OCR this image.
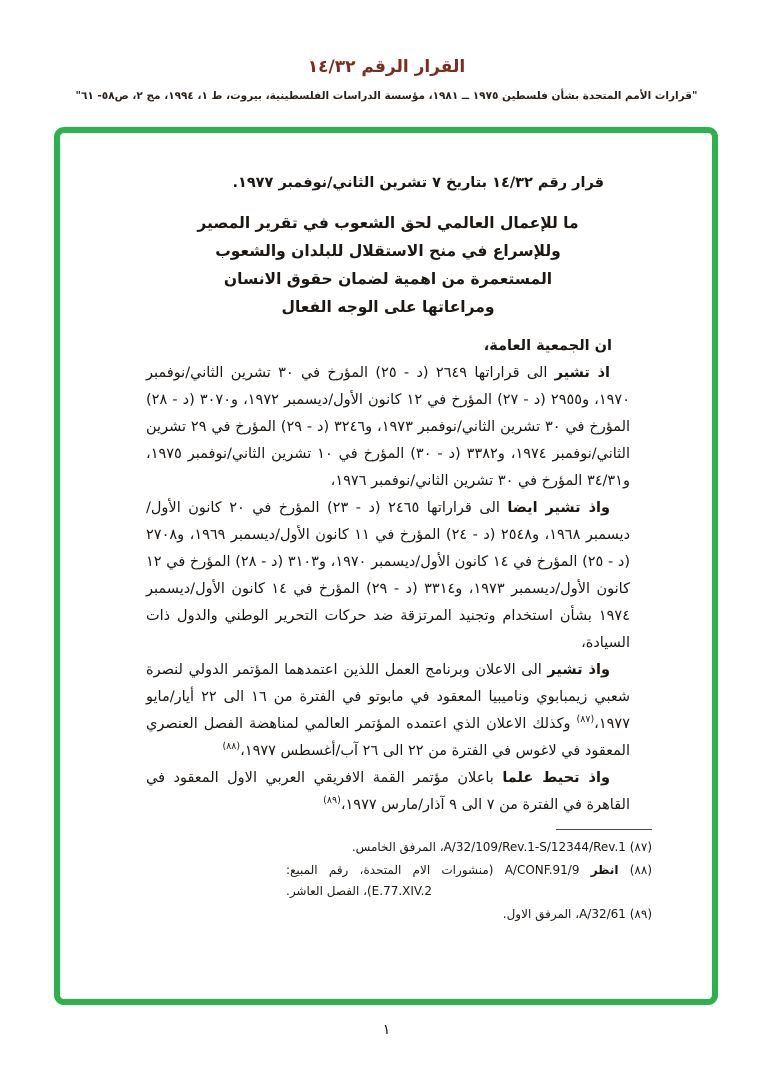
القرار الرقم ١٤/٣٢
"قرارات الأمم المتحدة بشأن فلسطين ١٩٧٥ ــ ١٩٨١، مؤسسة الدراسات الفلسطينية، بيروت، ط ١، ١٩٩٤، مج ٢، ص٥٨- ٦١"

قرار رقم ١٤/٣٢ بتاريخ ٧ تشرين الثاني/نوفمبر ١٩٧٧.

ما للإعمال العالمي لحق الشعوب في تقرير المصير
وللإسراع في منح الاستقلال للبلدان والشعوب
المستعمرة من اهمية لضمان حقوق الانسان
ومراعاتها على الوجه الفعال

ان الجمعية العامة،

اذ تشير الى قراراتها ٢٦٤٩ (د - ٢٥) المؤرخ في ٣٠ تشرين الثاني/نوفمبر ١٩٧٠، و٢٩٥٥ (د - ٢٧) المؤرخ في ١٢ كانون الأول/ديسمبر ١٩٧٢، و٣٠٧٠ (د - ٢٨) المؤرخ في ٣٠ تشرين الثاني/نوفمبر ١٩٧٣، و٣٢٤٦ (د - ٢٩) المؤرخ في ٢٩ تشرين الثاني/نوفمبر ١٩٧٤، و٣٣٨٢ (د - ٣٠) المؤرخ في ١٠ تشرين الثاني/نوفمبر ١٩٧٥، و٣٤/٣١ المؤرخ في ٣٠ تشرين الثاني/نوفمبر ١٩٧٦،

واذ تشير ايضا الى قراراتها ٢٤٦٥ (د - ٢٣) المؤرخ في ٢٠ كانون الأول/ديسمبر ١٩٦٨، و٢٥٤٨ (د - ٢٤) المؤرخ في ١١ كانون الأول/ديسمبر ١٩٦٩، و٢٧٠٨ (د - ٢٥) المؤرخ في ١٤ كانون الأول/ديسمبر ١٩٧٠، و٣١٠٣ (د - ٢٨) المؤرخ في ١٢ كانون الأول/ديسمبر ١٩٧٣، و٣٣١٤ (د - ٢٩) المؤرخ في ١٤ كانون الأول/ديسمبر ١٩٧٤ بشأن استخدام وتجنيد المرتزقة ضد حركات التحرير الوطني والدول ذات السيادة،

واذ تشير الى الاعلان وبرنامج العمل اللذين اعتمدهما المؤتمر الدولي لنصرة شعبي زيمبابوي وناميبيا المعقود في مابوتو في الفترة من ١٦ الى ٢٢ أيار/مايو ١٩٧٧،$^{(٨٧)}$ وكذلك الاعلان الذي اعتمده المؤتمر العالمي لمناهضة الفصل العنصري المعقود في لاغوس في الفترة من ٢٢ الى ٢٦ آب/أغسطس ١٩٧٧،$^{(٨٨)}$

واذ تحيط علما باعلان مؤتمر القمة الافريقي العربي الاول المعقود في القاهرة في الفترة من ٧ الى ٩ آذار/مارس ١٩٧٧،$^{(٨٩)}$

(٨٧) A/32/109/Rev.1-S/12344/Rev.1، المرفق الخامس.
(٨٨) انظر A/CONF.91/9 (منشورات الام المتحدة، رقم المبيع: E.77.XIV.2)، الفصل العاشر.
(٨٩) A/32/61، المرفق الاول.
١
